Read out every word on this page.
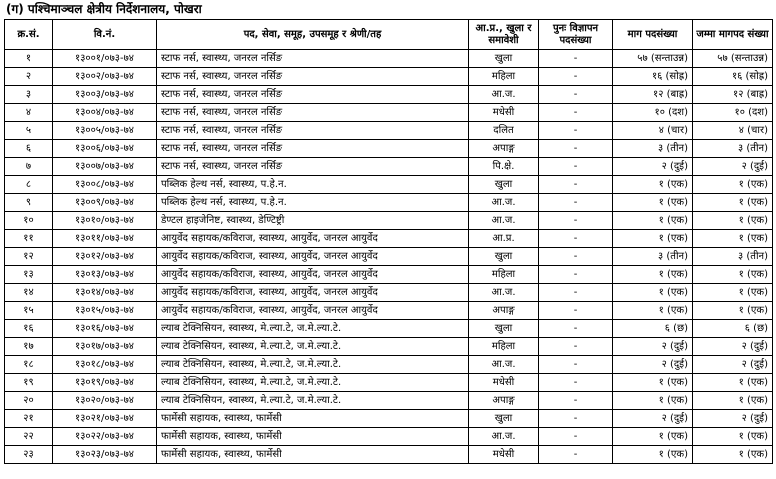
(ग) पश्चिमाञ्चल क्षेत्रीय निर्देशनालय, पोखरा
क्र.सं.	वि.नं.	पद, सेवा, समूह, उपसमूह र श्रेणी/तह	आ.प्र., खुला र समावेशी	पुनः विज्ञापन पदसंख्या	माग पदसंख्या	जम्मा मागपद संख्या
१	१३००१/०७३-७४	स्टाफ नर्स, स्वास्थ्य, जनरल नर्सिङ	खुला	-	५७ (सन्ताउन्न)	५७ (सन्ताउन्न)
२	१३००२/०७३-७४	स्टाफ नर्स, स्वास्थ्य, जनरल नर्सिङ	महिला	-	१६ (सोह्र)	१६ (सोह्र)
३	१३००३/०७३-७४	स्टाफ नर्स, स्वास्थ्य, जनरल नर्सिङ	आ.ज.	-	१२ (बाह्र)	१२ (बाह्र)
४	१३००४/०७३-७४	स्टाफ नर्स, स्वास्थ्य, जनरल नर्सिङ	मधेसी	-	१० (दश)	१० (दश)
५	१३००५/०७३-७४	स्टाफ नर्स, स्वास्थ्य, जनरल नर्सिङ	दलित	-	४ (चार)	४ (चार)
६	१३००६/०७३-७४	स्टाफ नर्स, स्वास्थ्य, जनरल नर्सिङ	अपाङ्ग	-	३ (तीन)	३ (तीन)
७	१३००७/०७३-७४	स्टाफ नर्स, स्वास्थ्य, जनरल नर्सिङ	पि.क्षे.	-	२ (दुई)	२ (दुई)
८	१३००८/०७३-७४	पब्लिक हेल्थ नर्स, स्वास्थ्य, प.हे.न.	खुला	-	१ (एक)	१ (एक)
९	१३००९/०७३-७४	पब्लिक हेल्थ नर्स, स्वास्थ्य, प.हे.न.	आ.ज.	-	१ (एक)	१ (एक)
१०	१३०१०/०७३-७४	डेण्टल हाइजेनिष्ट, स्वास्थ्य, डेण्टिष्ट्री	आ.ज.	-	१ (एक)	१ (एक)
११	१३०११/०७३-७४	आयुर्वेद सहायक/कविराज, स्वास्थ्य, आयुर्वेद, जनरल आयुर्वेद	आ.प्र.	-	१ (एक)	१ (एक)
१२	१३०१२/०७३-७४	आयुर्वेद सहायक/कविराज, स्वास्थ्य, आयुर्वेद, जनरल आयुर्वेद	खुला	-	३ (तीन)	३ (तीन)
१३	१३०१३/०७३-७४	आयुर्वेद सहायक/कविराज, स्वास्थ्य, आयुर्वेद, जनरल आयुर्वेद	महिला	-	१ (एक)	१ (एक)
१४	१३०१४/०७३-७४	आयुर्वेद सहायक/कविराज, स्वास्थ्य, आयुर्वेद, जनरल आयुर्वेद	आ.ज.	-	१ (एक)	१ (एक)
१५	१३०१५/०७३-७४	आयुर्वेद सहायक/कविराज, स्वास्थ्य, आयुर्वेद, जनरल आयुर्वेद	अपाङ्ग	-	१ (एक)	१ (एक)
१६	१३०१६/०७३-७४	ल्याब टेक्निसियन, स्वास्थ्य, मे.ल्या.टे, ज.मे.ल्या.टे.	खुला	-	६ (छ)	६ (छ)
१७	१३०१७/०७३-७४	ल्याब टेक्निसियन, स्वास्थ्य, मे.ल्या.टे, ज.मे.ल्या.टे.	महिला	-	२ (दुई)	२ (दुई)
१८	१३०१८/०७३-७४	ल्याब टेक्निसियन, स्वास्थ्य, मे.ल्या.टे, ज.मे.ल्या.टे.	आ.ज.	-	२ (दुई)	२ (दुई)
१९	१३०१९/०७३-७४	ल्याब टेक्निसियन, स्वास्थ्य, मे.ल्या.टे, ज.मे.ल्या.टे.	मधेसी	-	१ (एक)	१ (एक)
२०	१३०२०/०७३-७४	ल्याब टेक्निसियन, स्वास्थ्य, मे.ल्या.टे, ज.मे.ल्या.टे.	अपाङ्ग	-	१ (एक)	१ (एक)
२१	१३०२१/०७३-७४	फार्मेसी सहायक, स्वास्थ्य, फार्मेसी	खुला	-	२ (दुई)	२ (दुई)
२२	१३०२२/०७३-७४	फार्मेसी सहायक, स्वास्थ्य, फार्मेसी	आ.ज.	-	१ (एक)	१ (एक)
२३	१३०२३/०७३-७४	फार्मेसी सहायक, स्वास्थ्य, फार्मेसी	मधेसी	-	१ (एक)	१ (एक)
